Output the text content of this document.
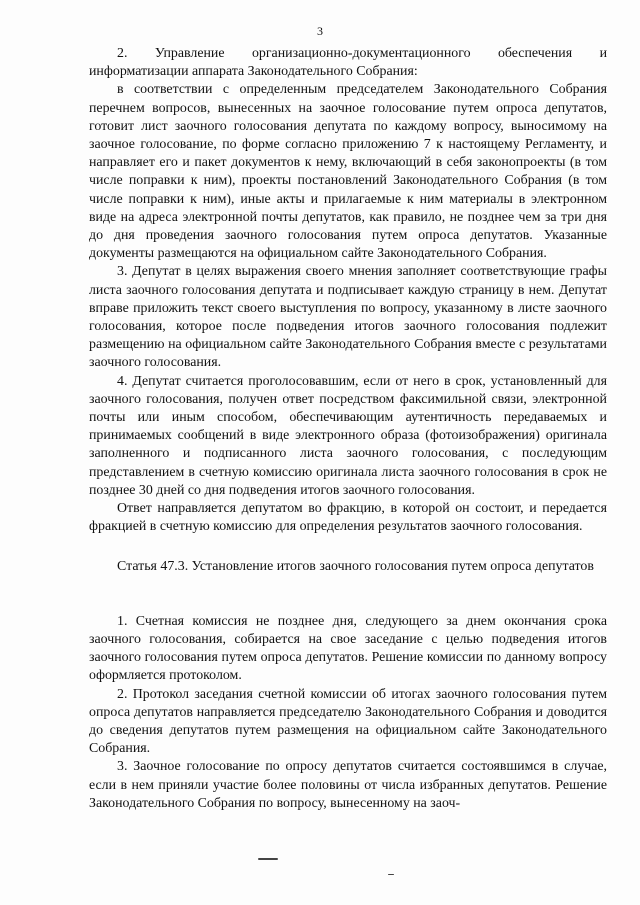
3

2. Управление организационно-документационного обеспечения и информатизации аппарата Законодательного Собрания:

в соответствии с определенным председателем Законодательного Собрания перечнем вопросов, вынесенных на заочное голосование путем опроса депутатов, готовит лист заочного голосования депутата по каждому вопросу, выносимому на заочное голосование, по форме согласно приложению 7 к настоящему Регламенту, и направляет его и пакет документов к нему, включающий в себя законопроекты (в том числе поправки к ним), проекты постановлений Законодательного Собрания (в том числе поправки к ним), иные акты и прилагаемые к ним материалы в электронном виде на адреса электронной почты депутатов, как правило, не позднее чем за три дня до дня проведения заочного голосования путем опроса депутатов. Указанные документы размещаются на официальном сайте Законодательного Собрания.

3. Депутат в целях выражения своего мнения заполняет соответствующие графы листа заочного голосования депутата и подписывает каждую страницу в нем. Депутат вправе приложить текст своего выступления по вопросу, указанному в листе заочного голосования, которое после подведения итогов заочного голосования подлежит размещению на официальном сайте Законодательного Собрания вместе с результатами заочного голосования.

4. Депутат считается проголосовавшим, если от него в срок, установленный для заочного голосования, получен ответ посредством факсимильной связи, электронной почты или иным способом, обеспечивающим аутентичность передаваемых и принимаемых сообщений в виде электронного образа (фотоизображения) оригинала заполненного и подписанного листа заочного голосования, с последующим представлением в счетную комиссию оригинала листа заочного голосования в срок не позднее 30 дней со дня подведения итогов заочного голосования.

Ответ направляется депутатом во фракцию, в которой он состоит, и передается фракцией в счетную комиссию для определения результатов заочного голосования.

Статья 47.3. Установление итогов заочного голосования путем опроса депутатов

1. Счетная комиссия не позднее дня, следующего за днем окончания срока заочного голосования, собирается на свое заседание с целью подведения итогов заочного голосования путем опроса депутатов. Решение комиссии по данному вопросу оформляется протоколом.

2. Протокол заседания счетной комиссии об итогах заочного голосования путем опроса депутатов направляется председателю Законодательного Собрания и доводится до сведения депутатов путем размещения на официальном сайте Законодательного Собрания.

3. Заочное голосование по опросу депутатов считается состоявшимся в случае, если в нем приняли участие более половины от числа избранных депутатов. Решение Законодательного Собрания по вопросу, вынесенному на заоч-
